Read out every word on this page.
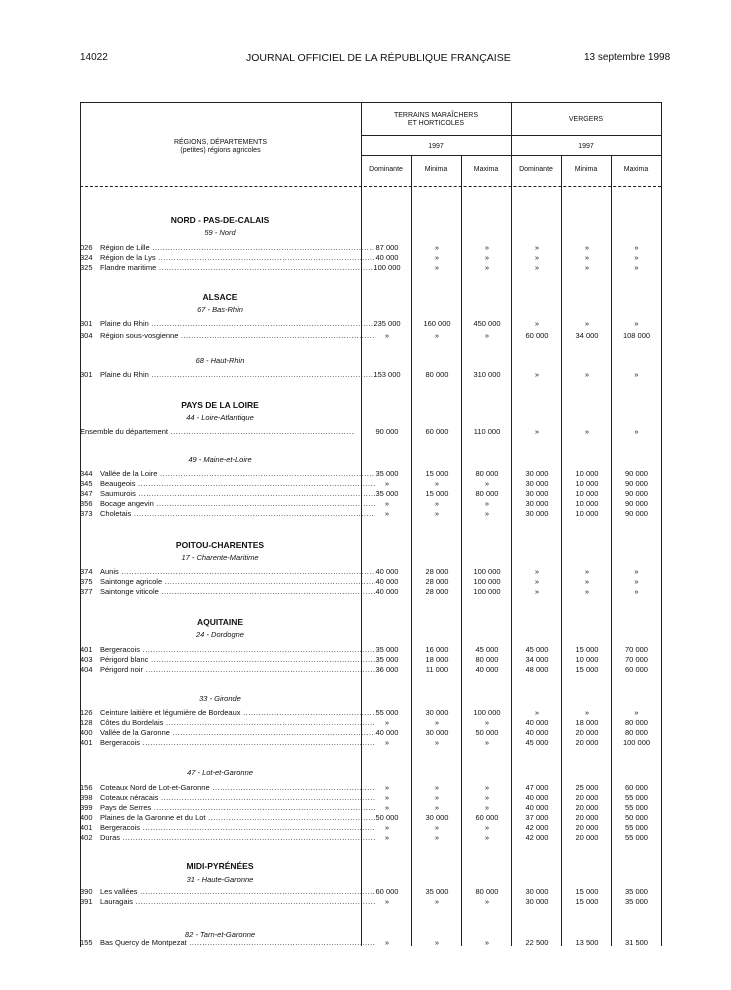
14022	JOURNAL OFFICIEL DE LA RÉPUBLIQUE FRANÇAISE	13 septembre 1998
RÉGIONS, DÉPARTEMENTS
(petites) régions agricoles
TERRAINS MARAÎCHERS
ET HORTICOLES
VERGERS
1997	1997
Dominante	Minima	Maxima	Dominante	Minima	Maxima
NORD - PAS-DE-CALAIS
59 - Nord
026 Région de Lille .....	87 000	»	»	»	»	»
324 Région de la Lys .....	40 000	»	»	»	»	»
325 Flandre maritime .....	100 000	»	»	»	»	»
ALSACE
67 - Bas-Rhin
301 Plaine du Rhin .....	235 000	160 000	450 000	»	»	»
304 Région sous-vosgienne .....	»	»	»	60 000	34 000	108 000
68 - Haut-Rhin
301 Plaine du Rhin .....	153 000	80 000	310 000	»	»	»
PAYS DE LA LOIRE
44 - Loire-Atlantique
Ensemble du département .....	90 000	60 000	110 000	»	»	»
49 - Maine-et-Loire
344 Vallée de la Loire .....	35 000	15 000	80 000	30 000	10 000	90 000
345 Beaugeois .....	»	»	»	30 000	10 000	90 000
347 Saumurois .....	35 000	15 000	80 000	30 000	10 000	90 000
356 Bocage angevin .....	»	»	»	30 000	10 000	90 000
373 Choletais .....	»	»	»	30 000	10 000	90 000
POITOU-CHARENTES
17 - Charente-Maritime
374 Aunis .....	40 000	28 000	100 000	»	»	»
375 Saintonge agricole .....	40 000	28 000	100 000	»	»	»
377 Saintonge viticole .....	40 000	28 000	100 000	»	»	»
AQUITAINE
24 - Dordogne
401 Bergeracois .....	35 000	16 000	45 000	45 000	15 000	70 000
403 Périgord blanc .....	35 000	18 000	80 000	34 000	10 000	70 000
404 Périgord noir .....	36 000	11 000	40 000	48 000	15 000	60 000
33 - Gironde
126 Ceinture laitière et légumière de Bordeaux .....	55 000	30 000	100 000	»	»	»
128 Côtes du Bordelais .....	»	»	»	40 000	18 000	80 000
400 Vallée de la Garonne .....	40 000	30 000	50 000	40 000	20 000	80 000
401 Bergeracois .....	»	»	»	45 000	20 000	100 000
47 - Lot-et-Garonne
156 Coteaux Nord de Lot-et-Garonne .....	»	»	»	47 000	25 000	60 000
398 Coteaux néracais .....	»	»	»	40 000	20 000	55 000
399 Pays de Serres .....	»	»	»	40 000	20 000	55 000
400 Plaines de la Garonne et du Lot .....	50 000	30 000	60 000	37 000	20 000	50 000
401 Bergeracois .....	»	»	»	42 000	20 000	55 000
402 Duras .....	»	»	»	42 000	20 000	55 000
MIDI-PYRÉNÉES
31 - Haute-Garonne
390 Les vallées .....	60 000	35 000	80 000	30 000	15 000	35 000
391 Lauragais .....	»	»	»	30 000	15 000	35 000
82 - Tarn-et-Garonne
155 Bas Quercy de Montpezat .....	»	»	»	22 500	13 500	31 500
